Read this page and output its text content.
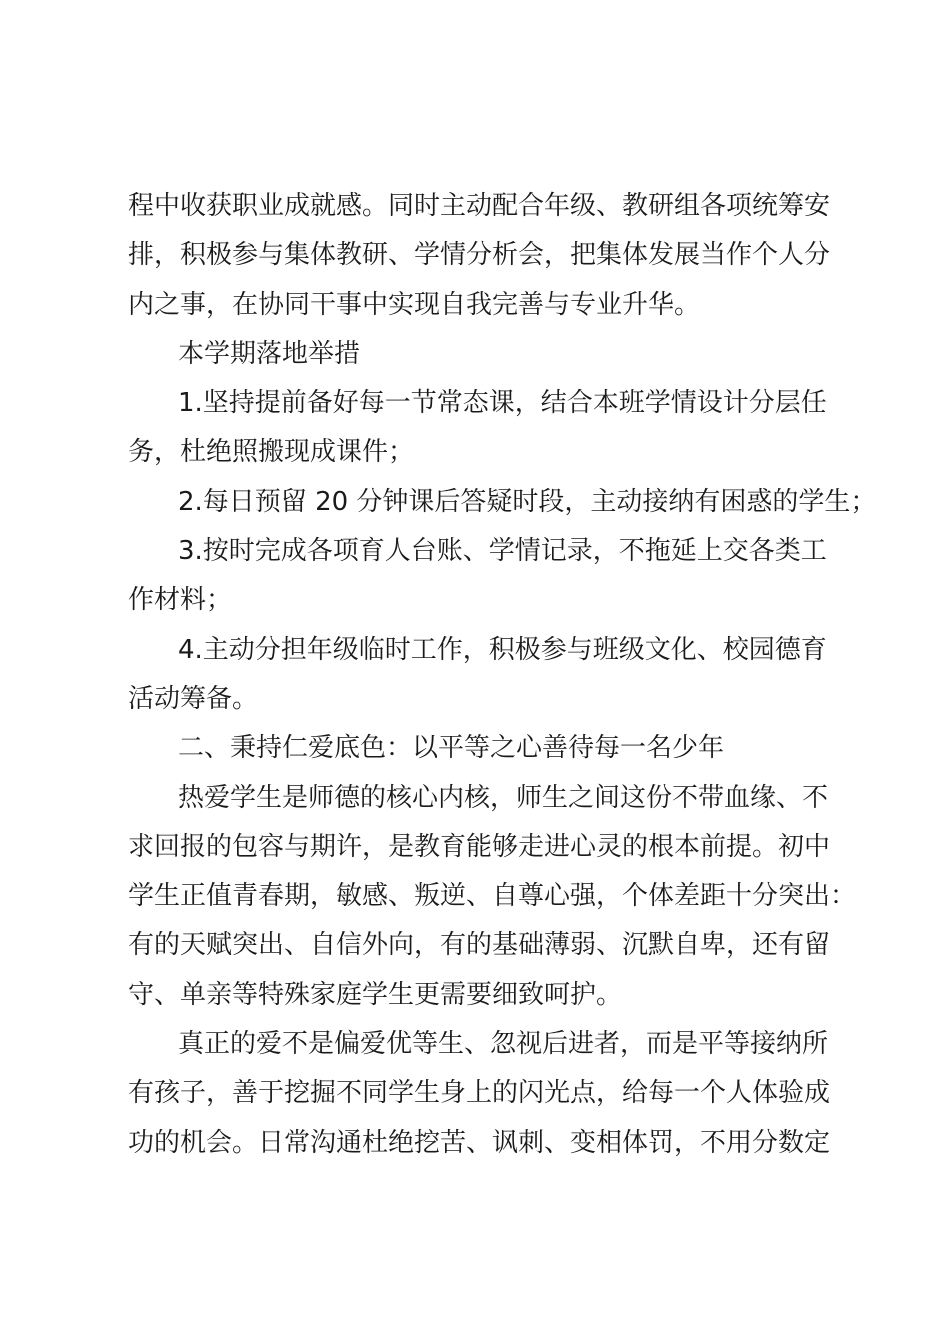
程中收获职业成就感。同时主动配合年级、教研组各项统筹安
排，积极参与集体教研、学情分析会，把集体发展当作个人分
内之事，在协同干事中实现自我完善与专业升华。
本学期落地举措
1.坚持提前备好每一节常态课，结合本班学情设计分层任
务，杜绝照搬现成课件；
2.每日预留 20 分钟课后答疑时段，主动接纳有困惑的学生；
3.按时完成各项育人台账、学情记录，不拖延上交各类工
作材料；
4.主动分担年级临时工作，积极参与班级文化、校园德育
活动筹备。
二、秉持仁爱底色：以平等之心善待每一名少年
热爱学生是师德的核心内核，师生之间这份不带血缘、不
求回报的包容与期许，是教育能够走进心灵的根本前提。初中
学生正值青春期，敏感、叛逆、自尊心强，个体差距十分突出：
有的天赋突出、自信外向，有的基础薄弱、沉默自卑，还有留
守、单亲等特殊家庭学生更需要细致呵护。
真正的爱不是偏爱优等生、忽视后进者，而是平等接纳所
有孩子，善于挖掘不同学生身上的闪光点，给每一个人体验成
功的机会。日常沟通杜绝挖苦、讽刺、变相体罚，不用分数定
